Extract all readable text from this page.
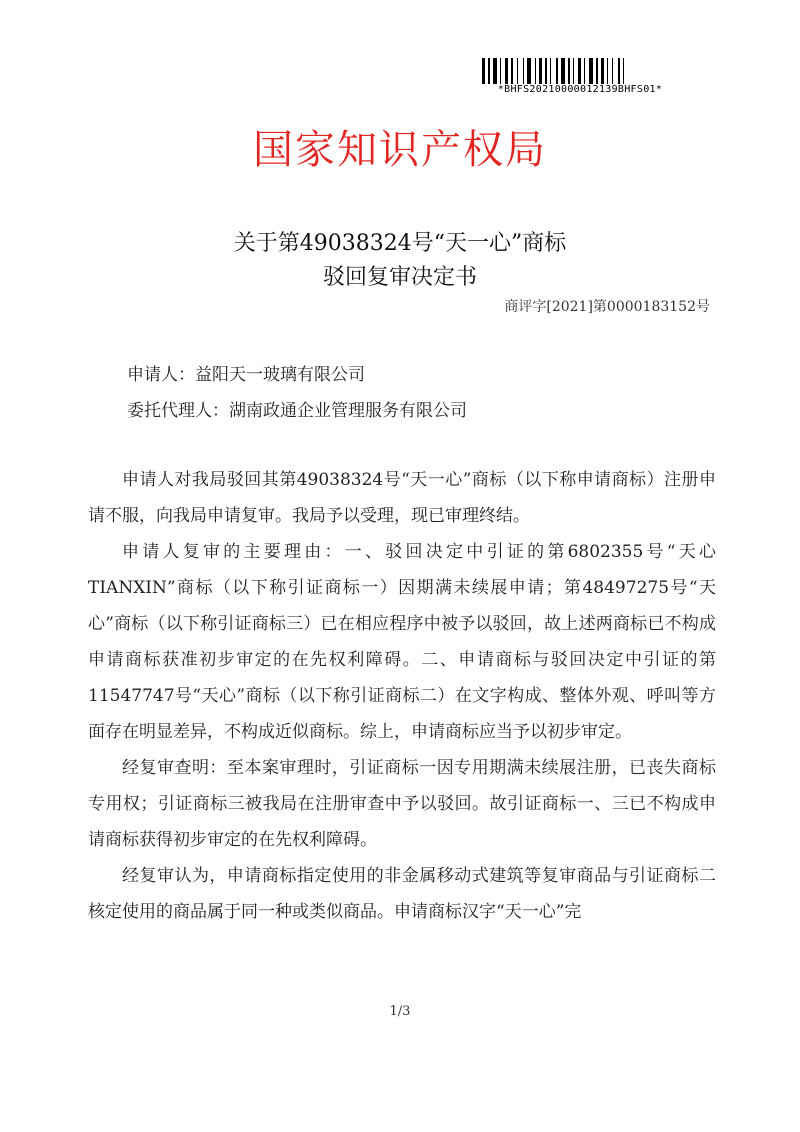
*BHFS20210000012139BHFS01*
国家知识产权局
关于第49038324号“天一心”商标
驳回复审决定书
商评字[2021]第0000183152号
申请人：益阳天一玻璃有限公司
委托代理人：湖南政通企业管理服务有限公司

申请人对我局驳回其第49038324号“天一心”商标（以下称申请商标）注册申请不服，向我局申请复审。我局予以受理，现已审理终结。

申请人复审的主要理由：一、驳回决定中引证的第6802355号“天心TIANXIN”商标（以下称引证商标一）因期满未续展申请；第48497275号“天心”商标（以下称引证商标三）已在相应程序中被予以驳回，故上述两商标已不构成申请商标获准初步审定的在先权利障碍。二、申请商标与驳回决定中引证的第11547747号“天心”商标（以下称引证商标二）在文字构成、整体外观、呼叫等方面存在明显差异，不构成近似商标。综上，申请商标应当予以初步审定。

经复审查明：至本案审理时，引证商标一因专用期满未续展注册，已丧失商标专用权；引证商标三被我局在注册审查中予以驳回。故引证商标一、三已不构成申请商标获得初步审定的在先权利障碍。

经复审认为，申请商标指定使用的非金属移动式建筑等复审商品与引证商标二核定使用的商品属于同一种或类似商品。申请商标汉字“天一心”完

1/3
